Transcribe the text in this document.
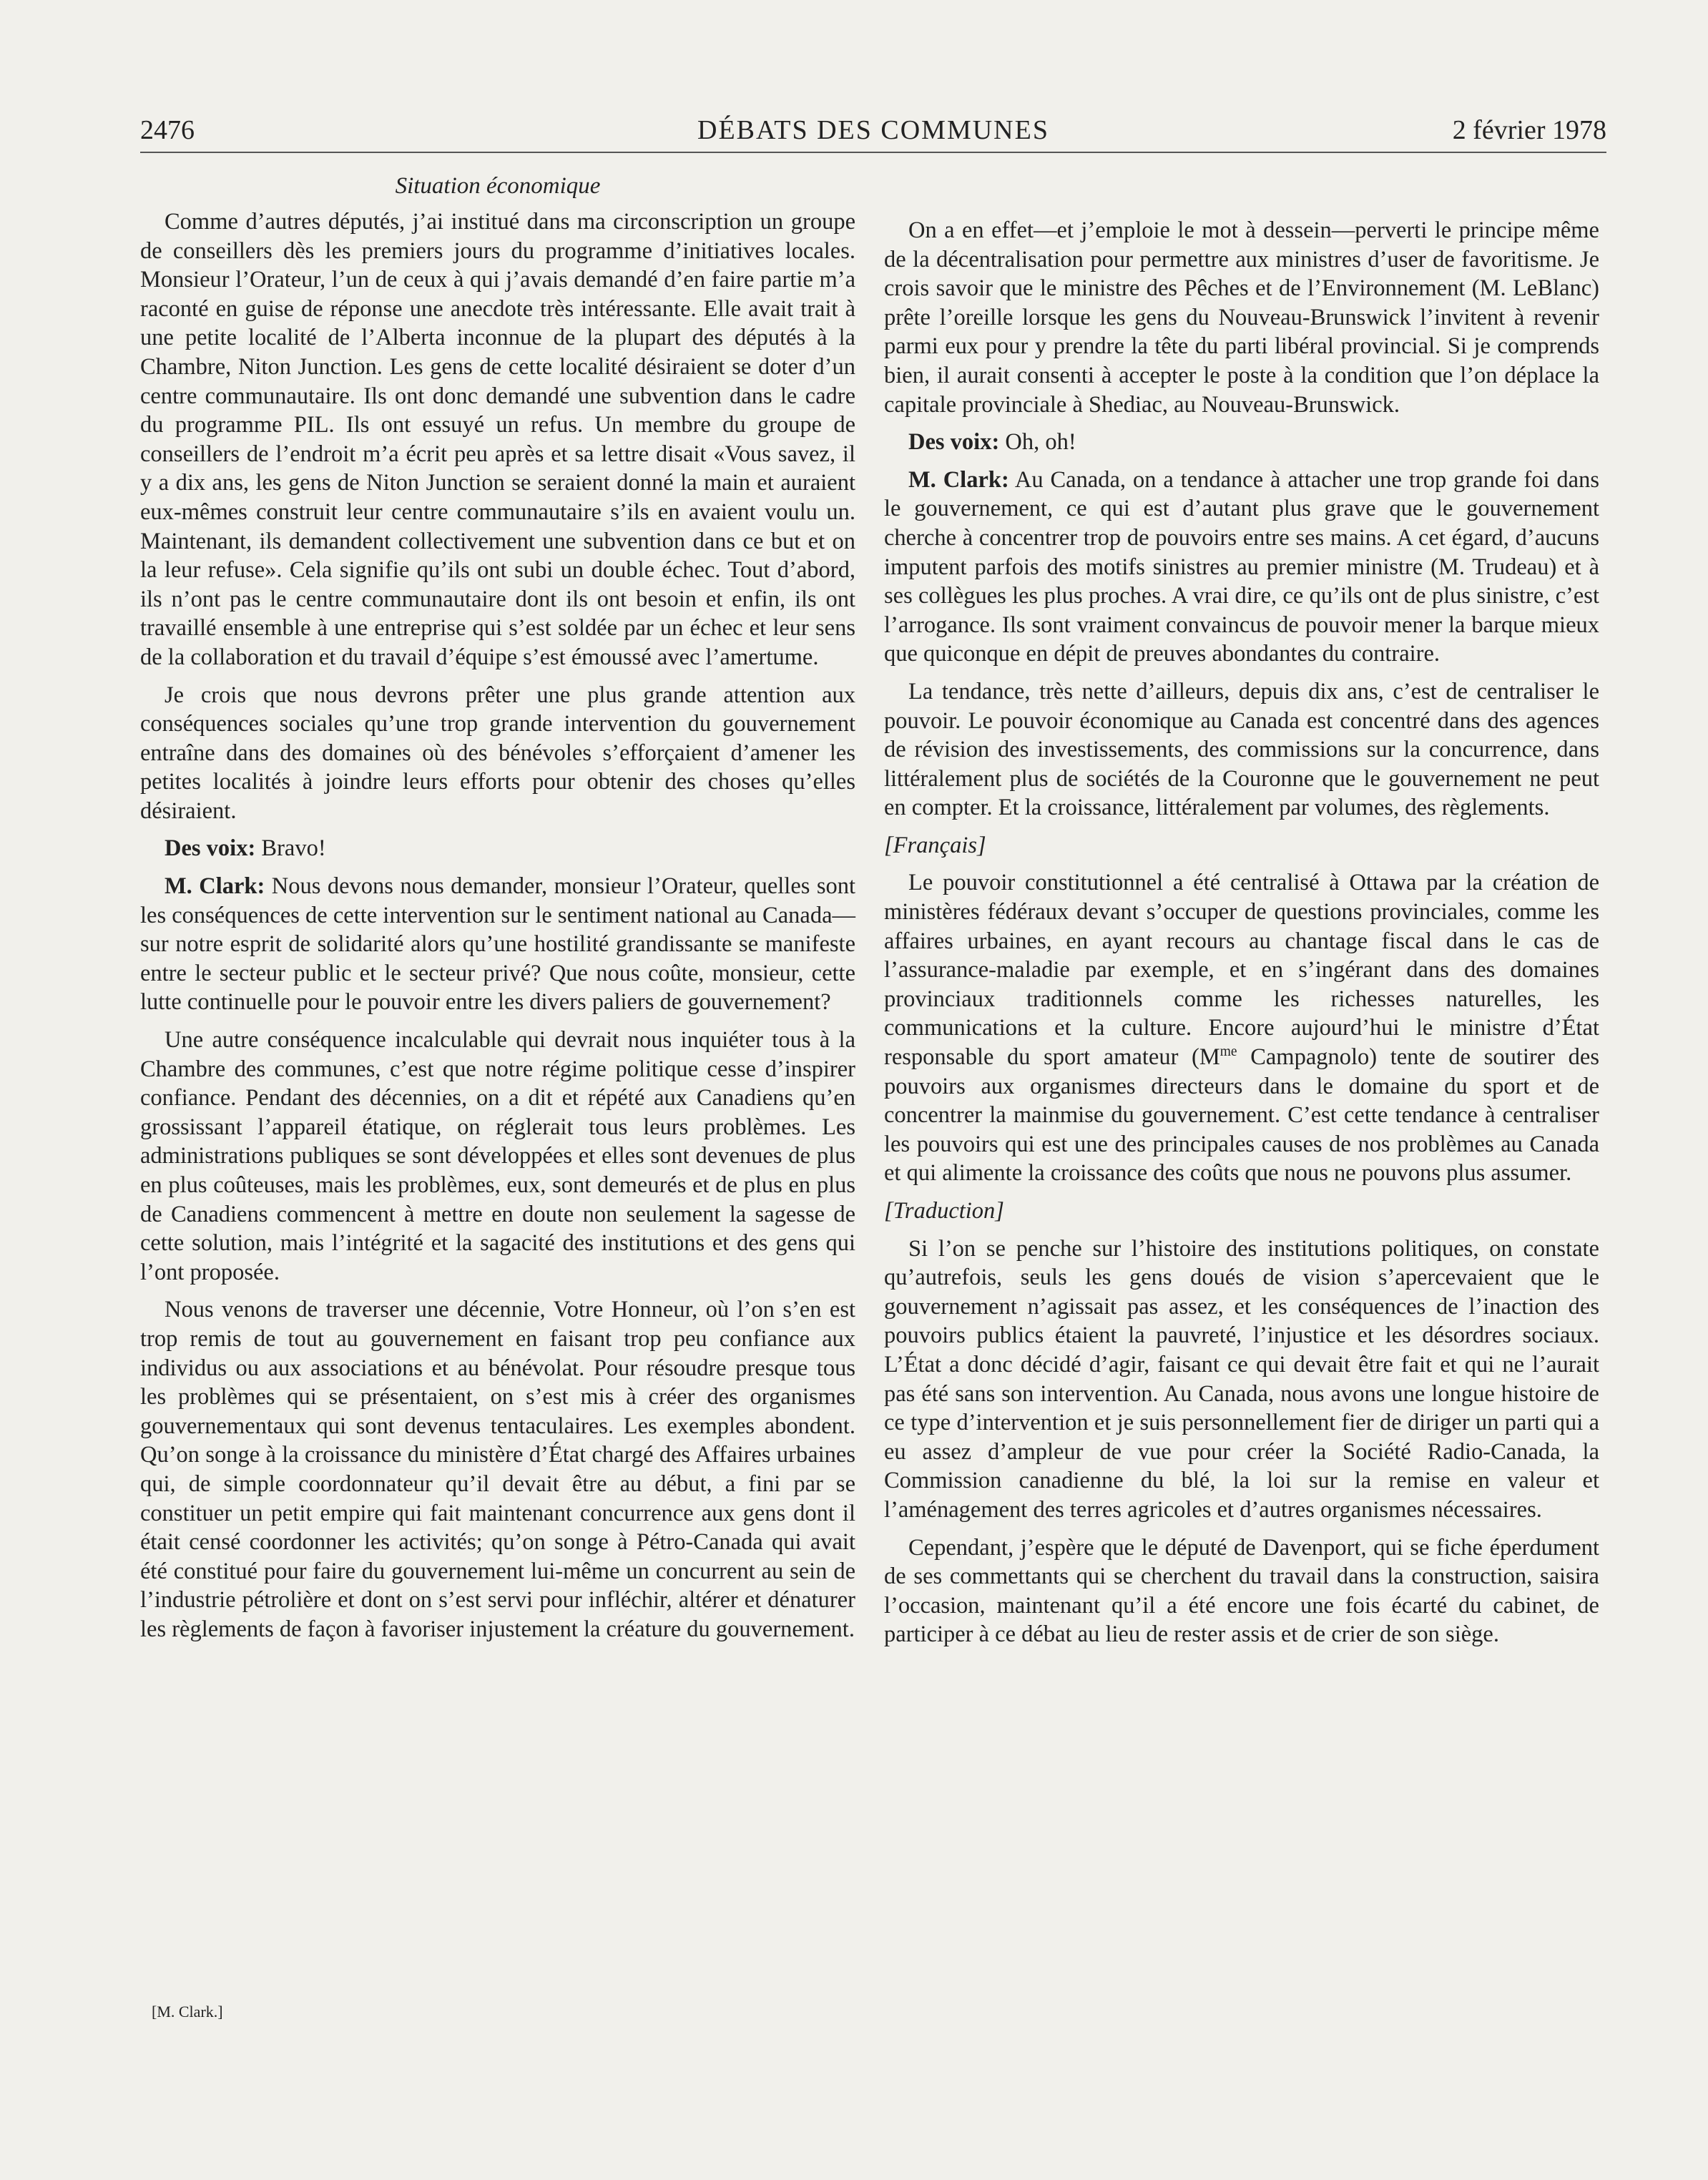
2476	DÉBATS DES COMMUNES	2 février 1978
Situation économique

Comme d’autres députés, j’ai institué dans ma circonscription un groupe de conseillers dès les premiers jours du programme d’initiatives locales. Monsieur l’Orateur, l’un de ceux à qui j’avais demandé d’en faire partie m’a raconté en guise de réponse une anecdote très intéressante. Elle avait trait à une petite localité de l’Alberta inconnue de la plupart des députés à la Chambre, Niton Junction. Les gens de cette localité désiraient se doter d’un centre communautaire. Ils ont donc demandé une subvention dans le cadre du programme PIL. Ils ont essuyé un refus. Un membre du groupe de conseillers de l’endroit m’a écrit peu après et sa lettre disait «Vous savez, il y a dix ans, les gens de Niton Junction se seraient donné la main et auraient eux-mêmes construit leur centre communautaire s’ils en avaient voulu un. Maintenant, ils demandent collectivement une subvention dans ce but et on la leur refuse». Cela signifie qu’ils ont subi un double échec. Tout d’abord, ils n’ont pas le centre communautaire dont ils ont besoin et enfin, ils ont travaillé ensemble à une entreprise qui s’est soldée par un échec et leur sens de la collaboration et du travail d’équipe s’est émoussé avec l’amertume.

Je crois que nous devrons prêter une plus grande attention aux conséquences sociales qu’une trop grande intervention du gouvernement entraîne dans des domaines où des bénévoles s’efforçaient d’amener les petites localités à joindre leurs efforts pour obtenir des choses qu’elles désiraient.

Des voix: Bravo!

M. Clark: Nous devons nous demander, monsieur l’Orateur, quelles sont les conséquences de cette intervention sur le sentiment national au Canada—sur notre esprit de solidarité alors qu’une hostilité grandissante se manifeste entre le secteur public et le secteur privé? Que nous coûte, monsieur, cette lutte continuelle pour le pouvoir entre les divers paliers de gouvernement?

Une autre conséquence incalculable qui devrait nous inquiéter tous à la Chambre des communes, c’est que notre régime politique cesse d’inspirer confiance. Pendant des décennies, on a dit et répété aux Canadiens qu’en grossissant l’appareil étatique, on réglerait tous leurs problèmes. Les administrations publiques se sont développées et elles sont devenues de plus en plus coûteuses, mais les problèmes, eux, sont demeurés et de plus en plus de Canadiens commencent à mettre en doute non seulement la sagesse de cette solution, mais l’intégrité et la sagacité des institutions et des gens qui l’ont proposée.

Nous venons de traverser une décennie, Votre Honneur, où l’on s’en est trop remis de tout au gouvernement en faisant trop peu confiance aux individus ou aux associations et au bénévolat. Pour résoudre presque tous les problèmes qui se présentaient, on s’est mis à créer des organismes gouvernementaux qui sont devenus tentaculaires. Les exemples abondent. Qu’on songe à la croissance du ministère d’État chargé des Affaires urbaines qui, de simple coordonnateur qu’il devait être au début, a fini par se constituer un petit empire qui fait maintenant concurrence aux gens dont il était censé coordonner les activités; qu’on songe à Pétro-Canada qui avait été constitué pour faire du gouvernement lui-même un concurrent au sein de l’industrie pétrolière et dont on s’est servi pour infléchir, altérer et dénaturer les règlements de façon à favoriser injustement la créature du gouvernement.

On a en effet—et j’emploie le mot à dessein—perverti le principe même de la décentralisation pour permettre aux ministres d’user de favoritisme. Je crois savoir que le ministre des Pêches et de l’Environnement (M. LeBlanc) prête l’oreille lorsque les gens du Nouveau-Brunswick l’invitent à revenir parmi eux pour y prendre la tête du parti libéral provincial. Si je comprends bien, il aurait consenti à accepter le poste à la condition que l’on déplace la capitale provinciale à Shediac, au Nouveau-Brunswick.

Des voix: Oh, oh!

M. Clark: Au Canada, on a tendance à attacher une trop grande foi dans le gouvernement, ce qui est d’autant plus grave que le gouvernement cherche à concentrer trop de pouvoirs entre ses mains. A cet égard, d’aucuns imputent parfois des motifs sinistres au premier ministre (M. Trudeau) et à ses collègues les plus proches. A vrai dire, ce qu’ils ont de plus sinistre, c’est l’arrogance. Ils sont vraiment convaincus de pouvoir mener la barque mieux que quiconque en dépit de preuves abondantes du contraire.

La tendance, très nette d’ailleurs, depuis dix ans, c’est de centraliser le pouvoir. Le pouvoir économique au Canada est concentré dans des agences de révision des investissements, des commissions sur la concurrence, dans littéralement plus de sociétés de la Couronne que le gouvernement ne peut en compter. Et la croissance, littéralement par volumes, des règlements.

[Français]

Le pouvoir constitutionnel a été centralisé à Ottawa par la création de ministères fédéraux devant s’occuper de questions provinciales, comme les affaires urbaines, en ayant recours au chantage fiscal dans le cas de l’assurance-maladie par exemple, et en s’ingérant dans des domaines provinciaux traditionnels comme les richesses naturelles, les communications et la culture. Encore aujourd’hui le ministre d’État responsable du sport amateur ($M^{me}$ Campagnolo) tente de soutirer des pouvoirs aux organismes directeurs dans le domaine du sport et de concentrer la mainmise du gouvernement. C’est cette tendance à centraliser les pouvoirs qui est une des principales causes de nos problèmes au Canada et qui alimente la croissance des coûts que nous ne pouvons plus assumer.

[Traduction]

Si l’on se penche sur l’histoire des institutions politiques, on constate qu’autrefois, seuls les gens doués de vision s’apercevaient que le gouvernement n’agissait pas assez, et les conséquences de l’inaction des pouvoirs publics étaient la pauvreté, l’injustice et les désordres sociaux. L’État a donc décidé d’agir, faisant ce qui devait être fait et qui ne l’aurait pas été sans son intervention. Au Canada, nous avons une longue histoire de ce type d’intervention et je suis personnellement fier de diriger un parti qui a eu assez d’ampleur de vue pour créer la Société Radio-Canada, la Commission canadienne du blé, la loi sur la remise en valeur et l’aménagement des terres agricoles et d’autres organismes nécessaires.

Cependant, j’espère que le député de Davenport, qui se fiche éperdument de ses commettants qui se cherchent du travail dans la construction, saisira l’occasion, maintenant qu’il a été encore une fois écarté du cabinet, de participer à ce débat au lieu de rester assis et de crier de son siège.

[M. Clark.]
